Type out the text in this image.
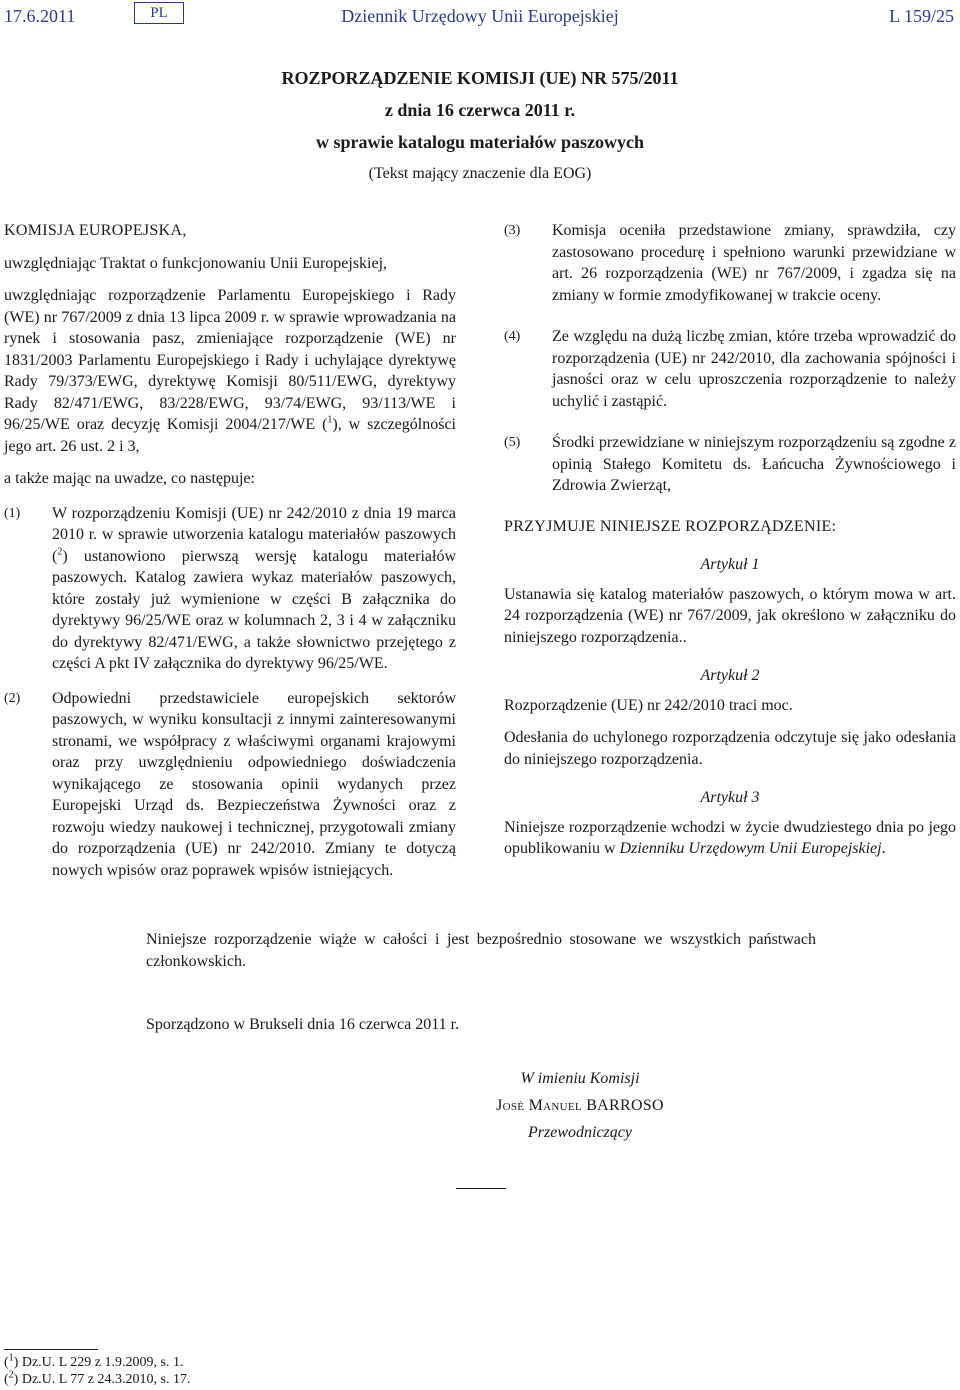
17.6.2011	PL	Dziennik Urzędowy Unii Europejskiej	L 159/25
ROZPORZĄDZENIE KOMISJI (UE) NR 575/2011
z dnia 16 czerwca 2011 r.
w sprawie katalogu materiałów paszowych
(Tekst mający znaczenie dla EOG)

KOMISJA EUROPEJSKA,

uwzględniając Traktat o funkcjonowaniu Unii Europejskiej,

uwzględniając rozporządzenie Parlamentu Europejskiego i Rady (WE) nr 767/2009 z dnia 13 lipca 2009 r. w sprawie wprowadzania na rynek i stosowania pasz, zmieniające rozporządzenie (WE) nr 1831/2003 Parlamentu Europejskiego i Rady i uchylające dyrektywę Rady 79/373/EWG, dyrektywę Komisji 80/511/EWG, dyrektywy Rady 82/471/EWG, 83/228/EWG, 93/74/EWG, 93/113/WE i 96/25/WE oraz decyzję Komisji 2004/217/WE ($^1$), w szczególności jego art. 26 ust. 2 i 3,

a także mając na uwadze, co następuje:

(1) W rozporządzeniu Komisji (UE) nr 242/2010 z dnia 19 marca 2010 r. w sprawie utworzenia katalogu materiałów paszowych ($^2$) ustanowiono pierwszą wersję katalogu materiałów paszowych. Katalog zawiera wykaz materiałów paszowych, które zostały już wymienione w części B załącznika do dyrektywy 96/25/WE oraz w kolumnach 2, 3 i 4 w załączniku do dyrektywy 82/471/EWG, a także słownictwo przejętego z części A pkt IV załącznika do dyrektywy 96/25/WE.

(2) Odpowiedni przedstawiciele europejskich sektorów paszowych, w wyniku konsultacji z innymi zainteresowanymi stronami, we współpracy z właściwymi organami krajowymi oraz przy uwzględnieniu odpowiedniego doświadczenia wynikającego ze stosowania opinii wydanych przez Europejski Urząd ds. Bezpieczeństwa Żywności oraz z rozwoju wiedzy naukowej i technicznej, przygotowali zmiany do rozporządzenia (UE) nr 242/2010. Zmiany te dotyczą nowych wpisów oraz poprawek wpisów istniejących.

(3) Komisja oceniła przedstawione zmiany, sprawdziła, czy zastosowano procedurę i spełniono warunki przewidziane w art. 26 rozporządzenia (WE) nr 767/2009, i zgadza się na zmiany w formie zmodyfikowanej w trakcie oceny.

(4) Ze względu na dużą liczbę zmian, które trzeba wprowadzić do rozporządzenia (UE) nr 242/2010, dla zachowania spójności i jasności oraz w celu uproszczenia rozporządzenie to należy uchylić i zastąpić.

(5) Środki przewidziane w niniejszym rozporządzeniu są zgodne z opinią Stałego Komitetu ds. Łańcucha Żywnościowego i Zdrowia Zwierząt,

PRZYJMUJE NINIEJSZE ROZPORZĄDZENIE:

Artykuł 1

Ustanawia się katalog materiałów paszowych, o którym mowa w art. 24 rozporządzenia (WE) nr 767/2009, jak określono w załączniku do niniejszego rozporządzenia..

Artykuł 2

Rozporządzenie (UE) nr 242/2010 traci moc.

Odesłania do uchylonego rozporządzenia odczytuje się jako odesłania do niniejszego rozporządzenia.

Artykuł 3

Niniejsze rozporządzenie wchodzi w życie dwudziestego dnia po jego opublikowaniu w Dzienniku Urzędowym Unii Europejskiej.

Niniejsze rozporządzenie wiąże w całości i jest bezpośrednio stosowane we wszystkich państwach członkowskich.
Sporządzono w Brukseli dnia 16 czerwca 2011 r.
W imieniu Komisji
José Manuel BARROSO
Przewodniczący
($^1$) Dz.U. L 229 z 1.9.2009, s. 1.
($^2$) Dz.U. L 77 z 24.3.2010, s. 17.
